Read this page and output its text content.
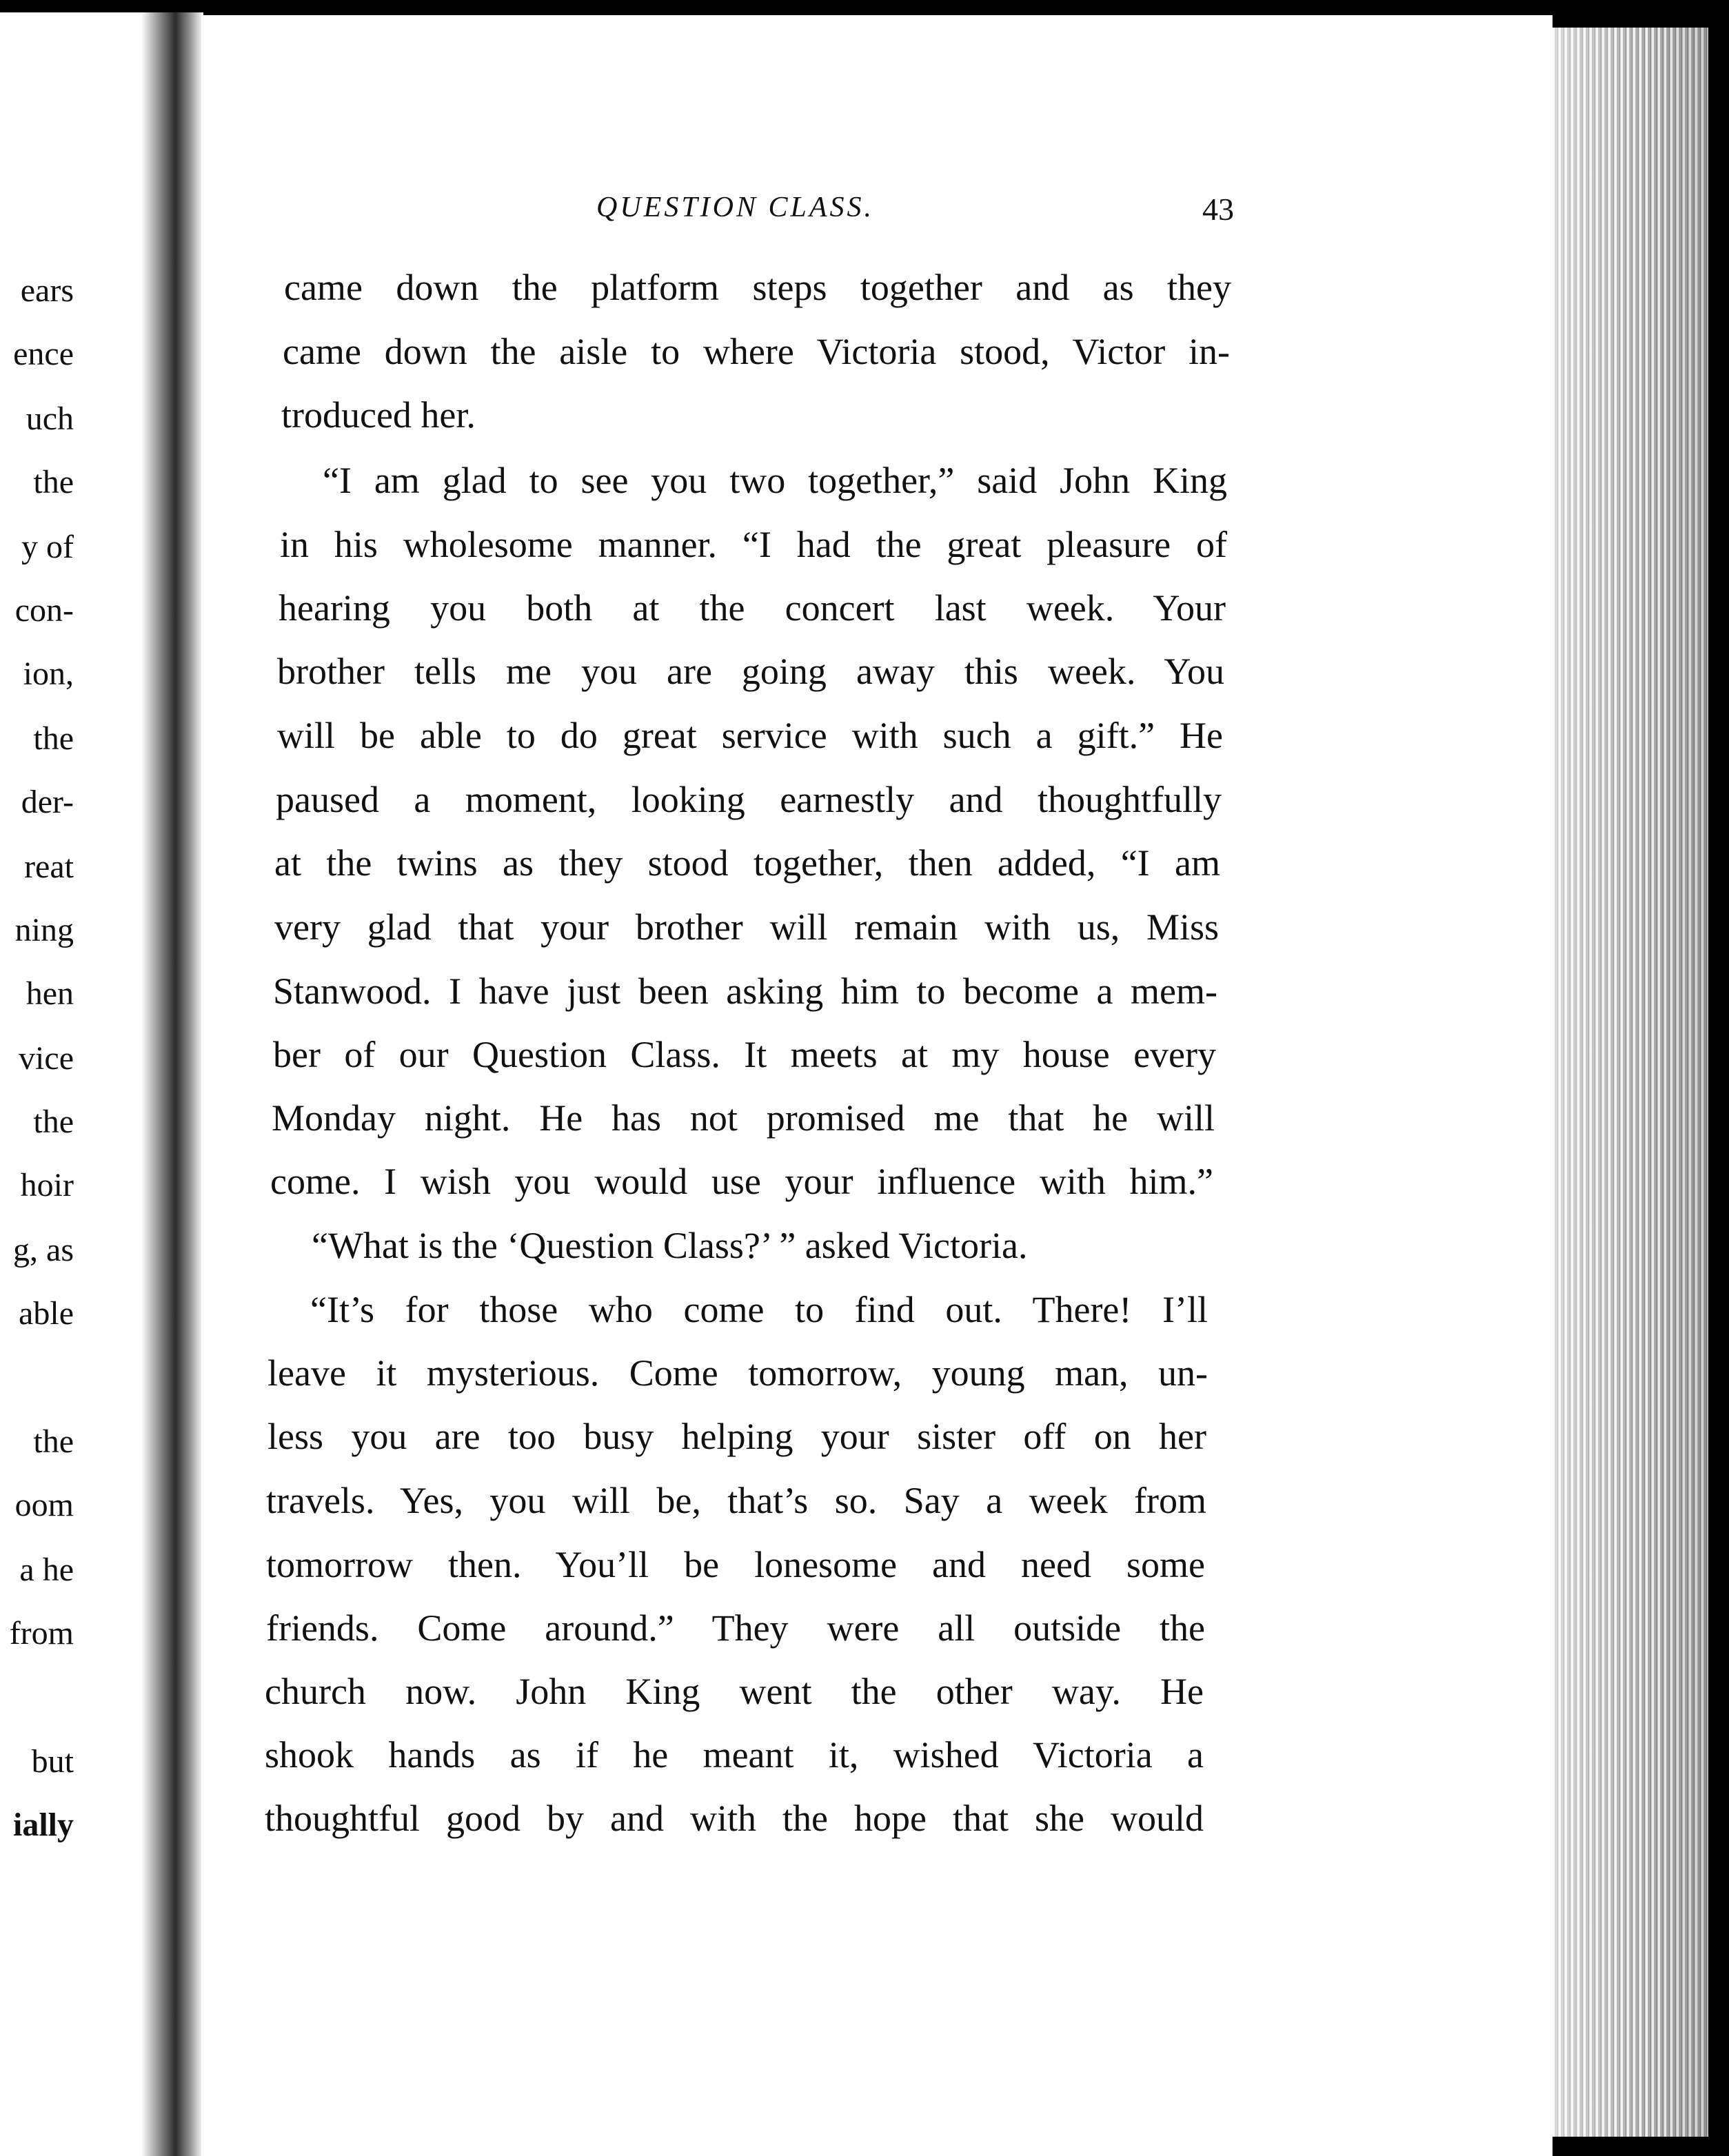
ears
ence
uch
the
y of
con-
ion,
the
der-
reat
ning
hen
vice
the
hoir
g, as
able
the
oom
a he
from
but
ially
QUESTION CLASS.	43
came down the platform steps together and as they
came down the aisle to where Victoria stood, Victor in-
troduced her.
“I am glad to see you two together,” said John King
in his wholesome manner. “I had the great pleasure of
hearing you both at the concert last week. Your
brother tells me you are going away this week. You
will be able to do great service with such a gift.” He
paused a moment, looking earnestly and thoughtfully
at the twins as they stood together, then added, “I am
very glad that your brother will remain with us, Miss
Stanwood. I have just been asking him to become a mem-
ber of our Question Class. It meets at my house every
Monday night. He has not promised me that he will
come. I wish you would use your influence with him.”
“What is the ‘Question Class?’ ” asked Victoria.
“It’s for those who come to find out. There! I’ll
leave it mysterious. Come tomorrow, young man, un-
less you are too busy helping your sister off on her
travels. Yes, you will be, that’s so. Say a week from
tomorrow then. You’ll be lonesome and need some
friends. Come around.” They were all outside the
church now. John King went the other way. He
shook hands as if he meant it, wished Victoria a
thoughtful good by and with the hope that she would
